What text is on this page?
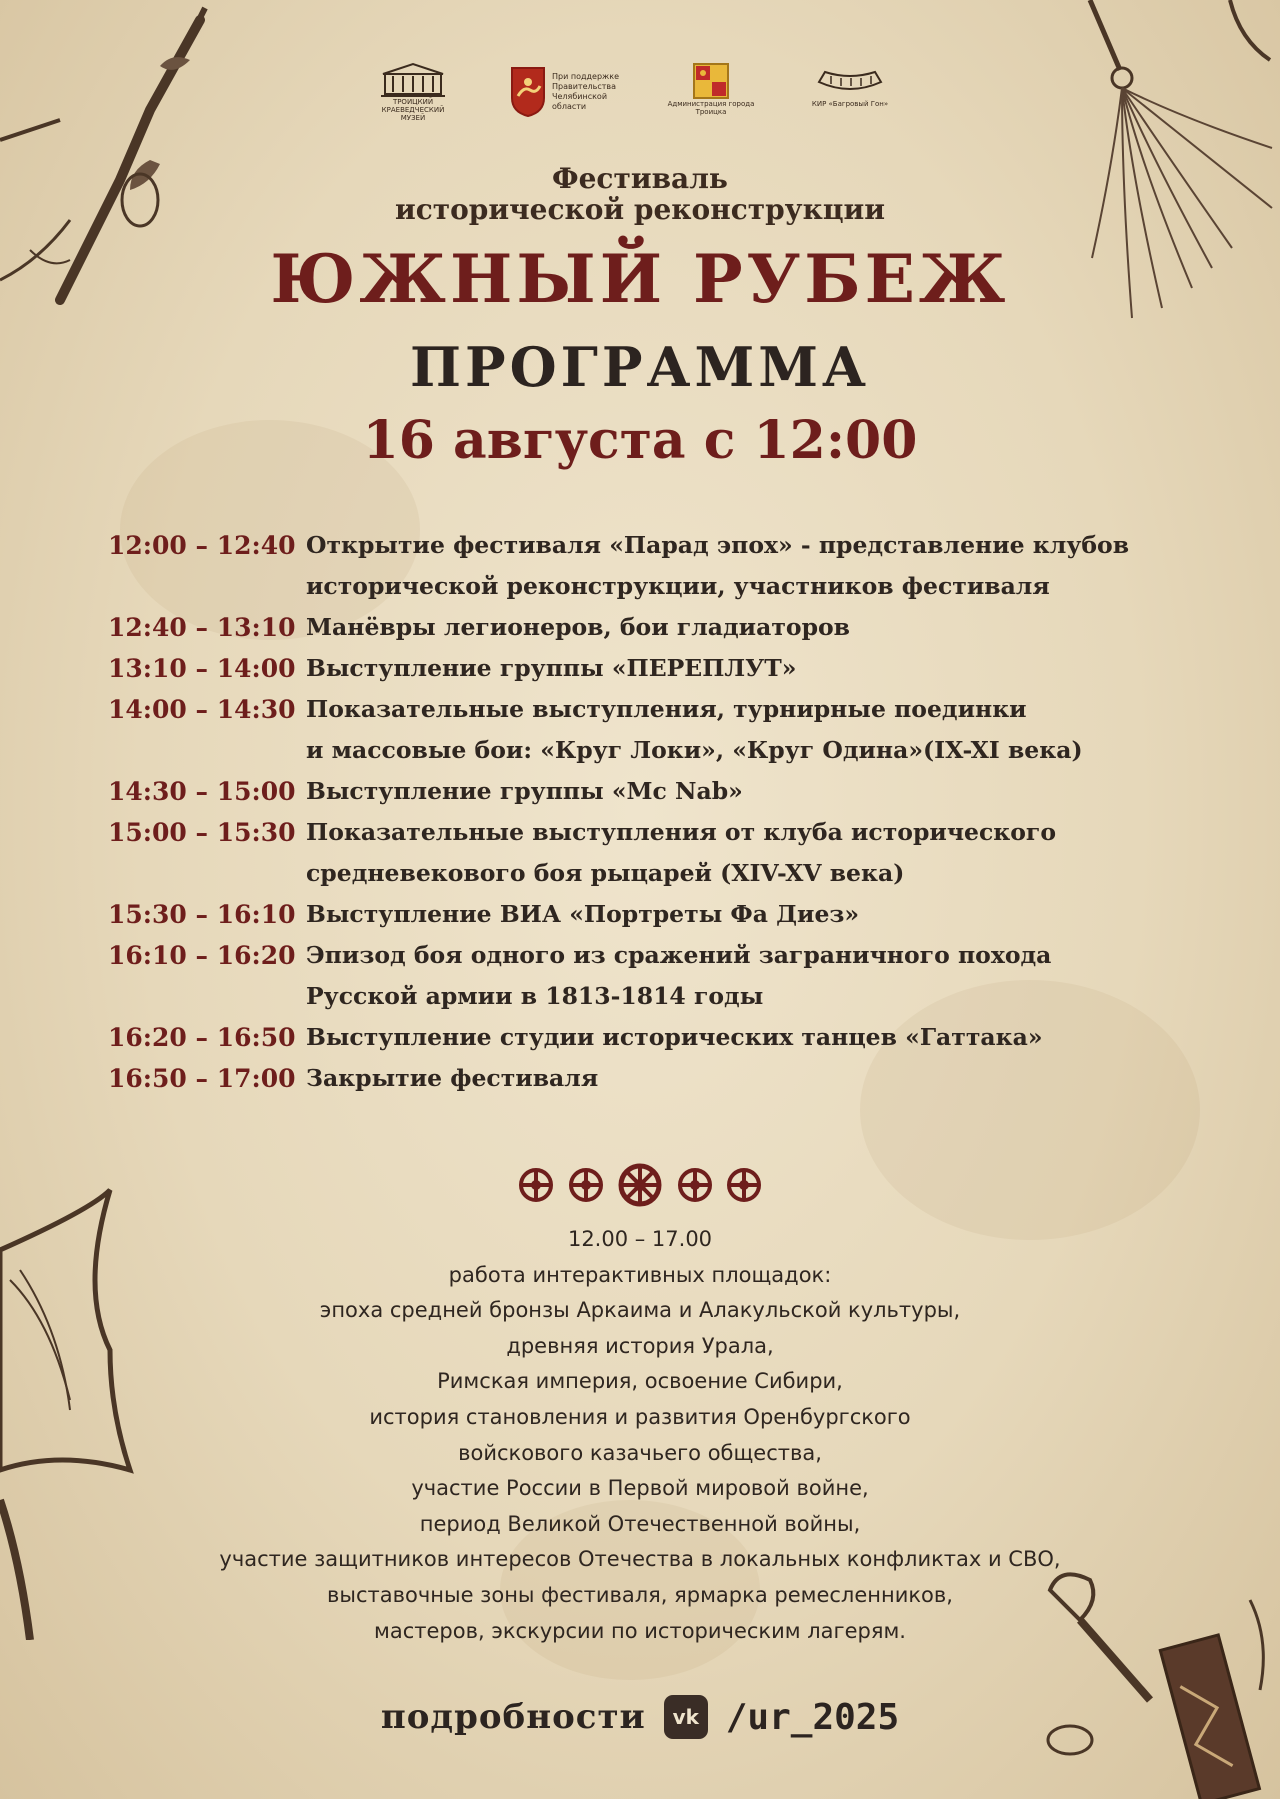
ТРОИЦКИЙ КРАЕВЕДЧЕСКИЙ МУЗЕЙ
При поддержке Правительства Челябинской области	Администрация города Троицка
КИР «Багровый Гон»
Фестиваль
исторической реконструкции
ЮЖНЫЙ РУБЕЖ
ПРОГРАММА
16 августа с 12:00
12:00 – 12:40 Открытие фестиваля «Парад эпох» - представление клубов
исторической реконструкции, участников фестиваля
12:40 – 13:10 Манёвры легионеров, бои гладиаторов
13:10 – 14:00 Выступление группы «ПЕРЕПЛУТ»
14:00 – 14:30 Показательные выступления, турнирные поединки
и массовые бои: «Круг Локи», «Круг Одина»(IX-XI века)
14:30 – 15:00 Выступление группы «Mc Nab»
15:00 – 15:30 Показательные выступления от клуба исторического
средневекового боя рыцарей (XIV-XV века)
15:30 – 16:10 Выступление ВИА «Портреты Фа Диез»
16:10 – 16:20 Эпизод боя одного из сражений заграничного похода
Русской армии в 1813-1814 годы
16:20 – 16:50 Выступление студии исторических танцев «Гаттака»
16:50 – 17:00 Закрытие фестиваля
12.00 – 17.00
работа интерактивных площадок:
эпоха средней бронзы Аркаима и Алакульской культуры,
древняя история Урала,
Римская империя, освоение Сибири,
история становления и развития Оренбургского
войскового казачьего общества,
участие России в Первой мировой войне,
период Великой Отечественной войны,
участие защитников интересов Отечества в локальных конфликтах и СВО,
выставочные зоны фестиваля, ярмарка ремесленников,
мастеров, экскурсии по историческим лагерям.
подробности vk /ur_2025
